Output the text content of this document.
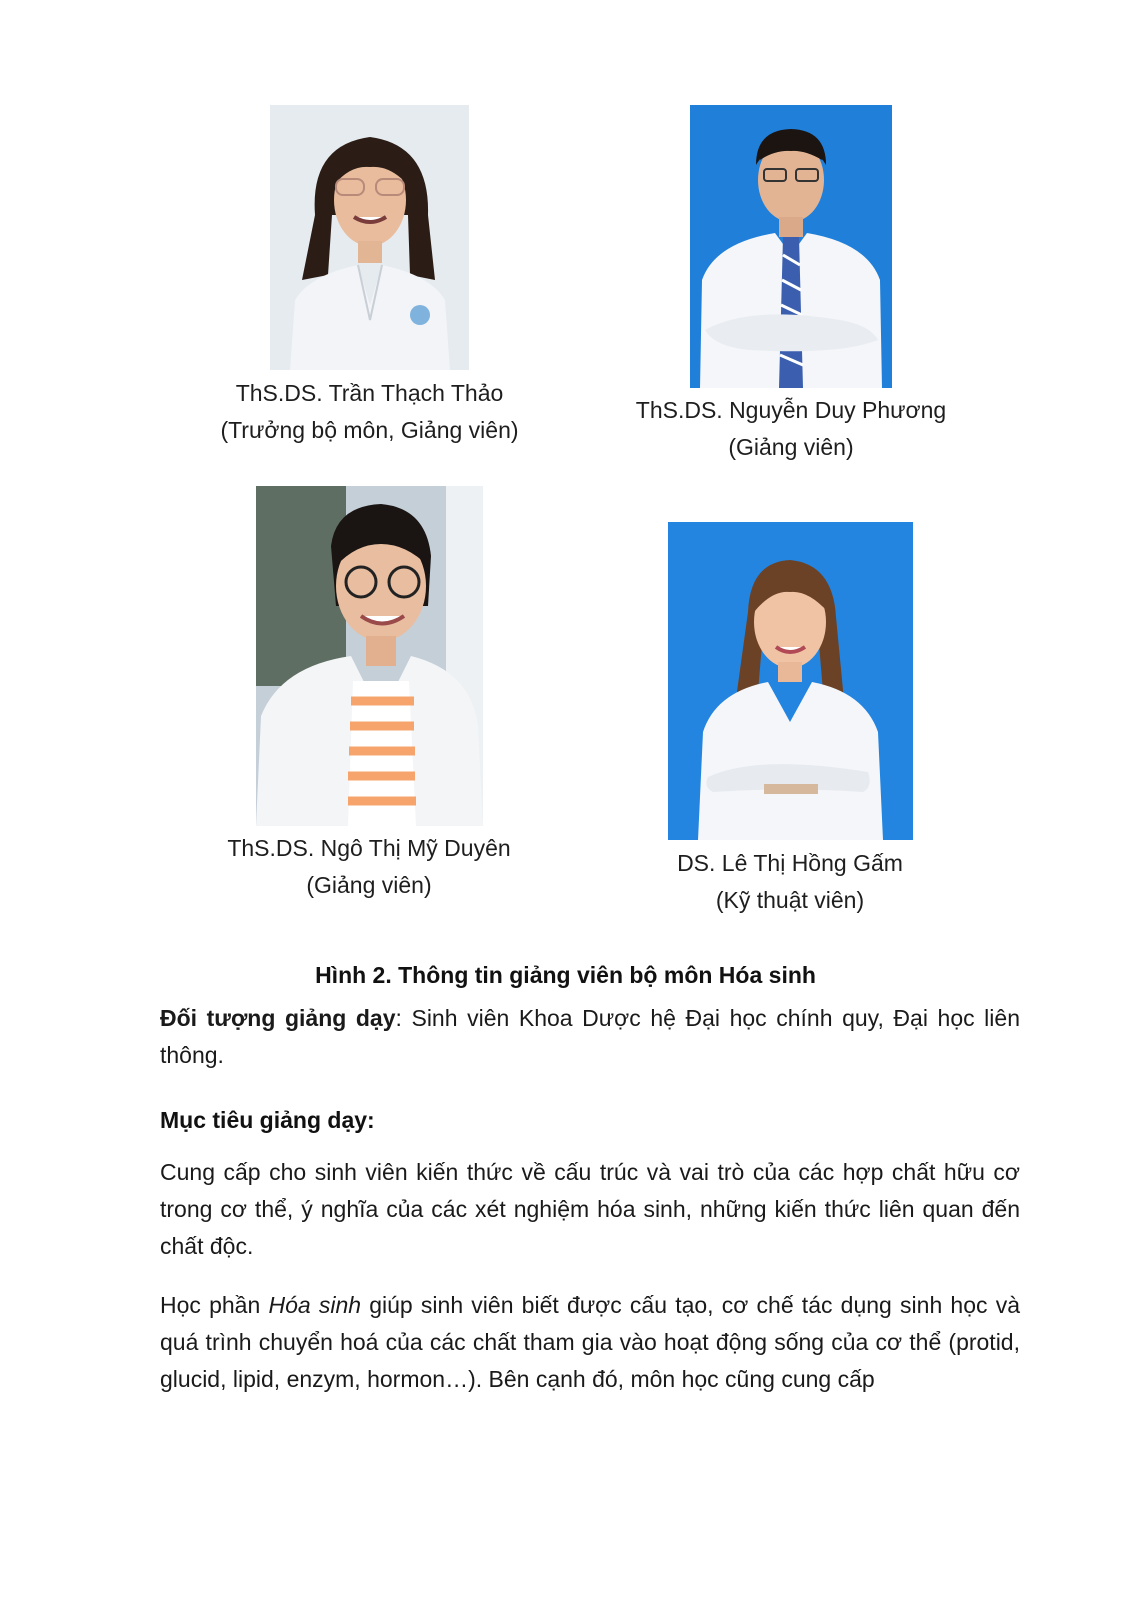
ThS.DS. Trần Thạch Thảo
(Trưởng bộ môn, Giảng viên)
ThS.DS. Nguyễn Duy Phương
(Giảng viên)
ThS.DS. Ngô Thị Mỹ Duyên
(Giảng viên)
DS. Lê Thị Hồng Gấm
(Kỹ thuật viên)
Hình 2. Thông tin giảng viên bộ môn Hóa sinh
Đối tượng giảng dạy: Sinh viên Khoa Dược hệ Đại học chính quy, Đại học liên thông.
Mục tiêu giảng dạy:
Cung cấp cho sinh viên kiến thức về cấu trúc và vai trò của các hợp chất hữu cơ trong cơ thể, ý nghĩa của các xét nghiệm hóa sinh, những kiến thức liên quan đến chất độc.
Học phần Hóa sinh giúp sinh viên biết được cấu tạo, cơ chế tác dụng sinh học và quá trình chuyển hoá của các chất tham gia vào hoạt động sống của cơ thể (protid, glucid, lipid, enzym, hormon…). Bên cạnh đó, môn học cũng cung cấp
